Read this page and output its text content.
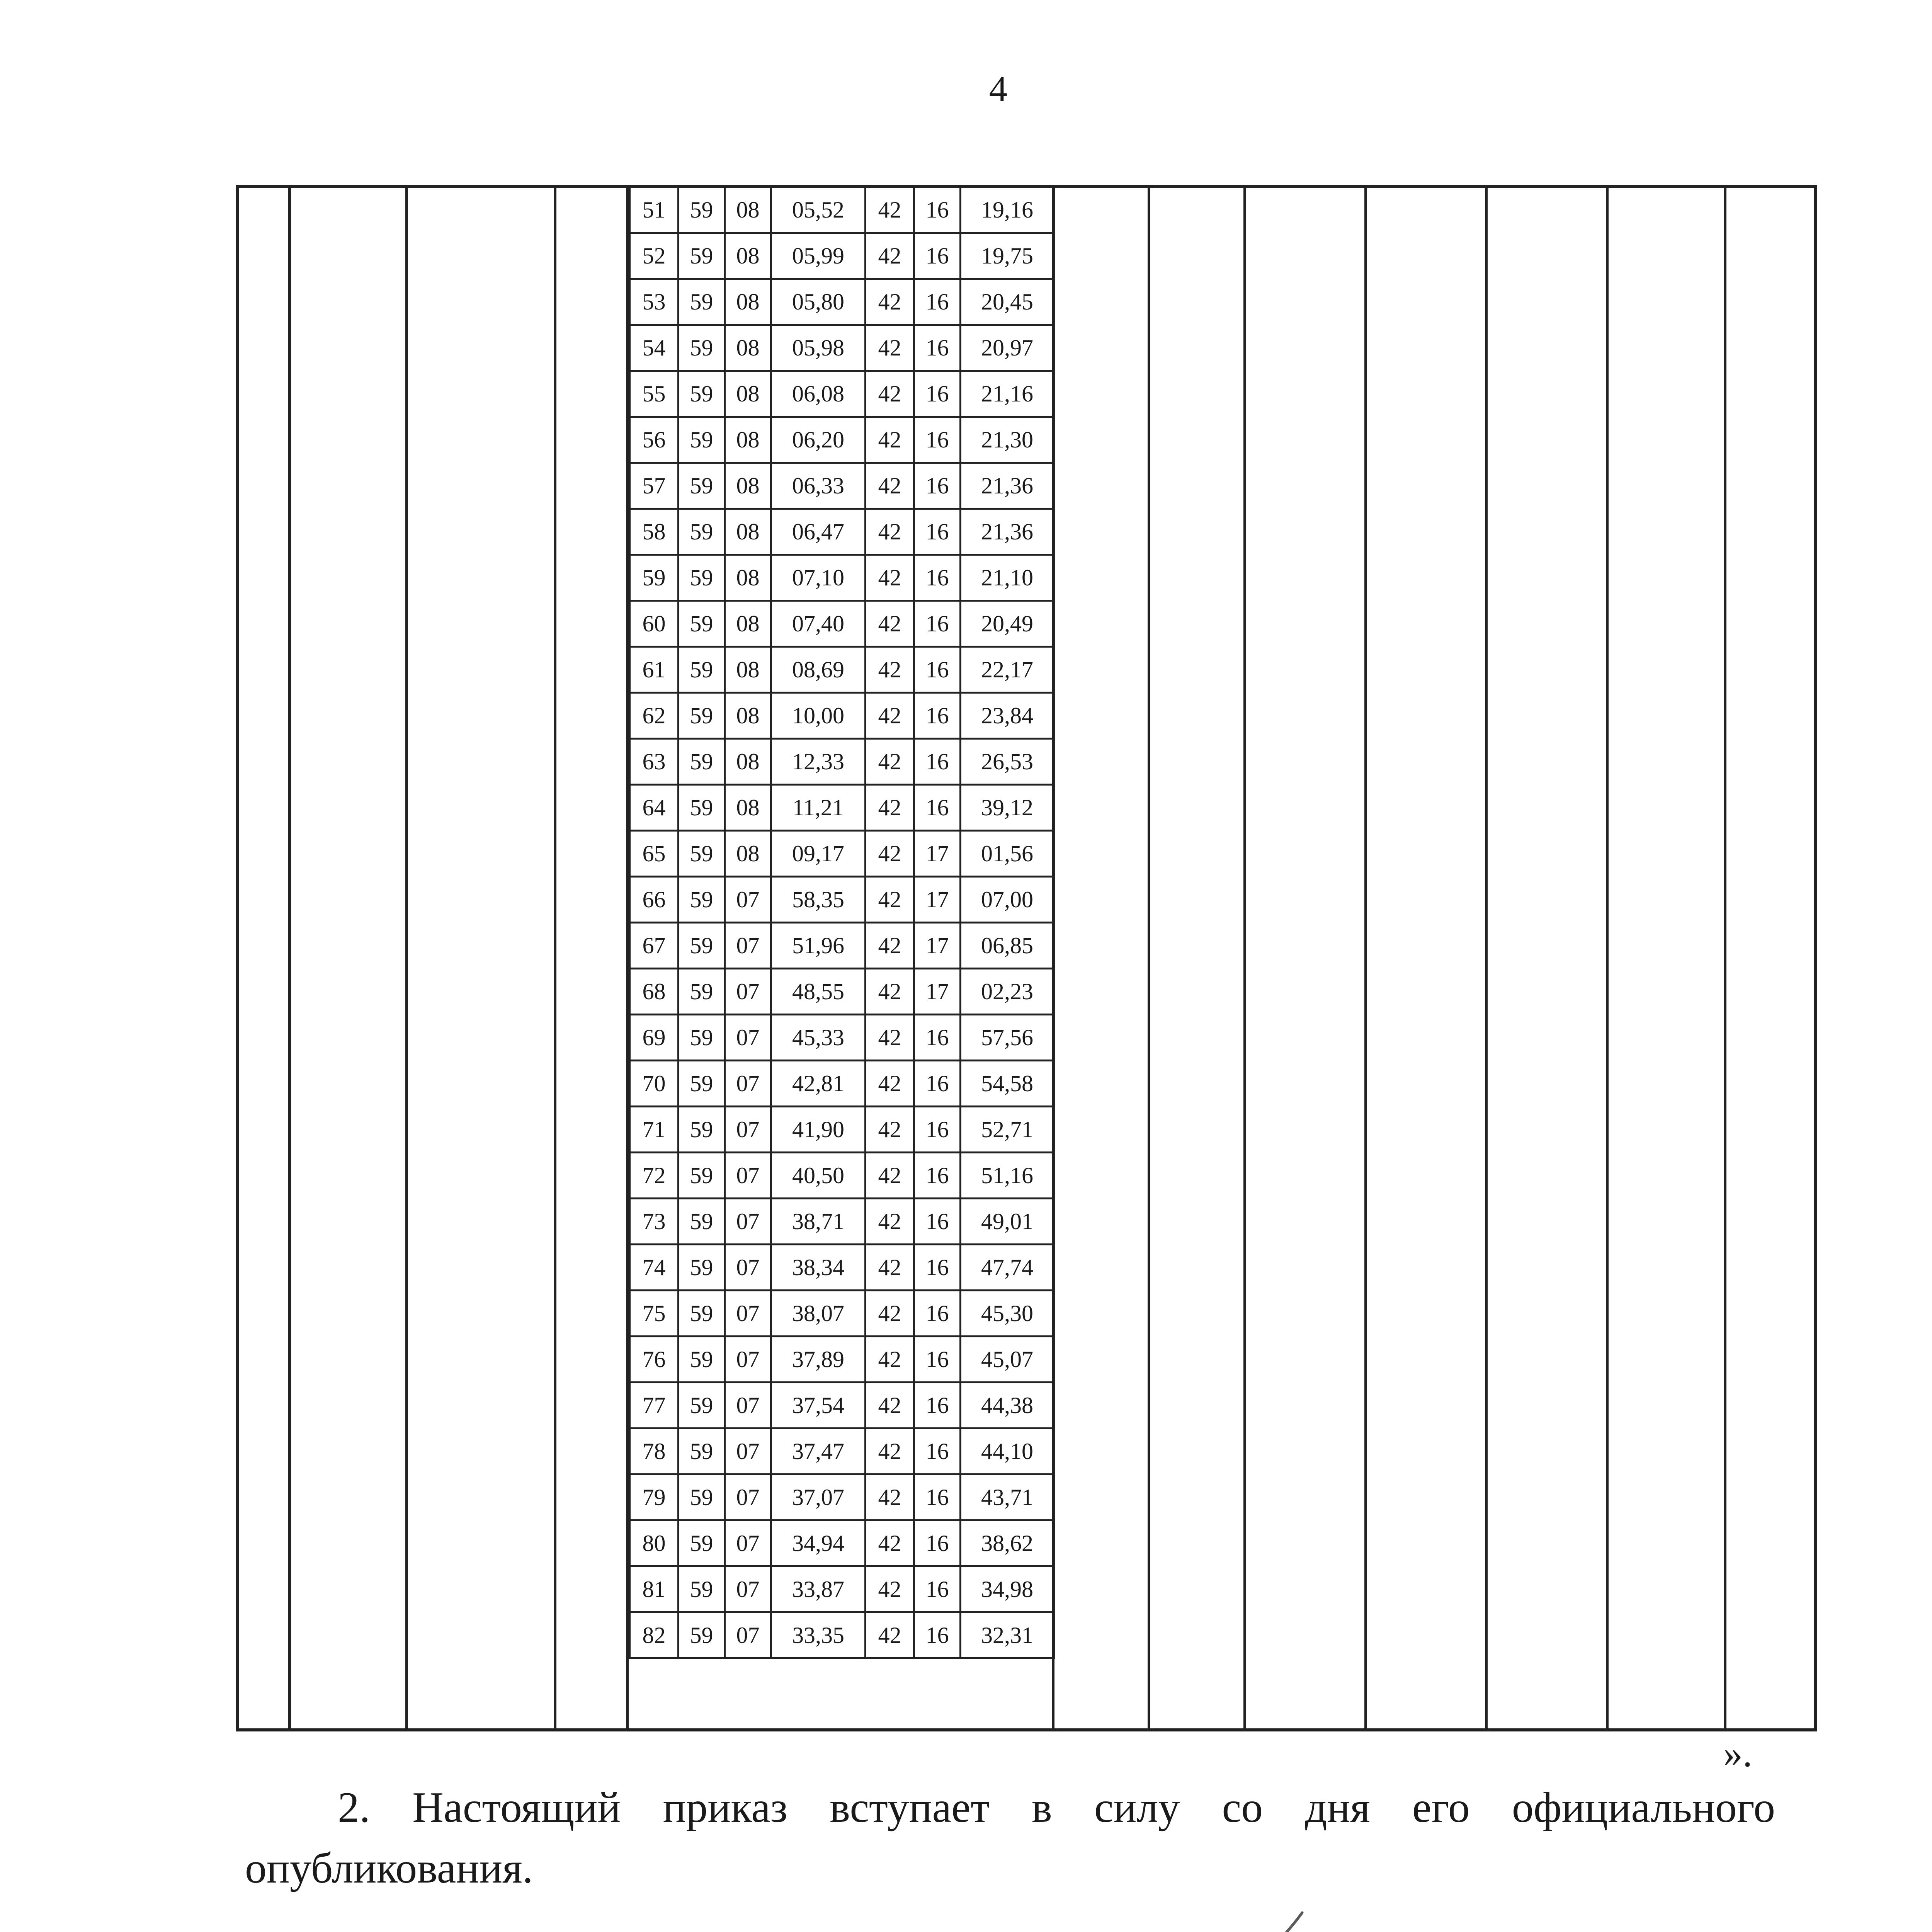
4
51	59	08	05,52	42	16	19,16
52	59	08	05,99	42	16	19,75
53	59	08	05,80	42	16	20,45
54	59	08	05,98	42	16	20,97
55	59	08	06,08	42	16	21,16
56	59	08	06,20	42	16	21,30
57	59	08	06,33	42	16	21,36
58	59	08	06,47	42	16	21,36
59	59	08	07,10	42	16	21,10
60	59	08	07,40	42	16	20,49
61	59	08	08,69	42	16	22,17
62	59	08	10,00	42	16	23,84
63	59	08	12,33	42	16	26,53
64	59	08	11,21	42	16	39,12
65	59	08	09,17	42	17	01,56
66	59	07	58,35	42	17	07,00
67	59	07	51,96	42	17	06,85
68	59	07	48,55	42	17	02,23
69	59	07	45,33	42	16	57,56
70	59	07	42,81	42	16	54,58
71	59	07	41,90	42	16	52,71
72	59	07	40,50	42	16	51,16
73	59	07	38,71	42	16	49,01
74	59	07	38,34	42	16	47,74
75	59	07	38,07	42	16	45,30
76	59	07	37,89	42	16	45,07
77	59	07	37,54	42	16	44,38
78	59	07	37,47	42	16	44,10
79	59	07	37,07	42	16	43,71
80	59	07	34,94	42	16	38,62
81	59	07	33,87	42	16	34,98
82	59	07	33,35	42	16	32,31
».
2. Настоящий приказ вступает в силу со дня его официального опубликования.
